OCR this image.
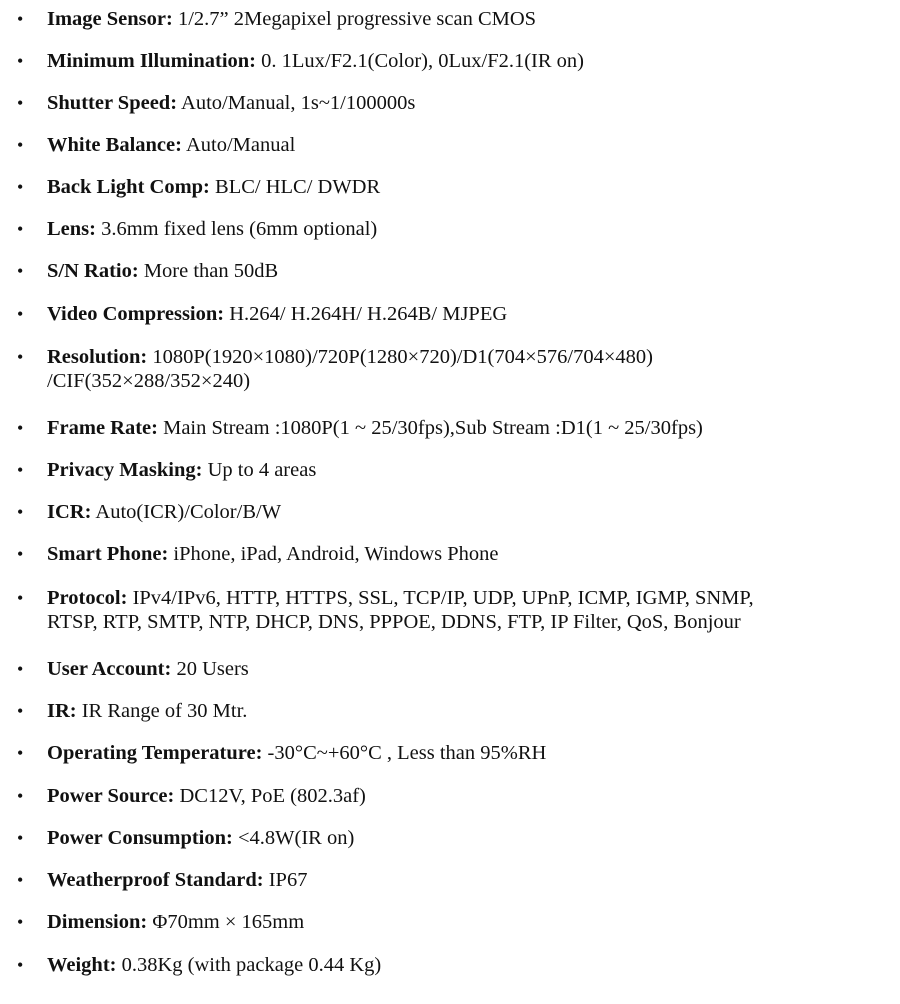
• Image Sensor: 1/2.7” 2Megapixel progressive scan CMOS
• Minimum Illumination: 0. 1Lux/F2.1(Color), 0Lux/F2.1(IR on)
• Shutter Speed: Auto/Manual, 1s~1/100000s
• White Balance: Auto/Manual
• Back Light Comp: BLC/ HLC/ DWDR
• Lens: 3.6mm fixed lens (6mm optional)
• S/N Ratio: More than 50dB
• Video Compression: H.264/ H.264H/ H.264B/ MJPEG
• Resolution: 1080P(1920×1080)/720P(1280×720)/D1(704×576/704×480)
/CIF(352×288/352×240)
• Frame Rate: Main Stream :1080P(1 ~ 25/30fps),Sub Stream :D1(1 ~ 25/30fps)
• Privacy Masking: Up to 4 areas
• ICR: Auto(ICR)/Color/B/W
• Smart Phone: iPhone, iPad, Android, Windows Phone
• Protocol: IPv4/IPv6, HTTP, HTTPS, SSL, TCP/IP, UDP, UPnP, ICMP, IGMP, SNMP,
RTSP, RTP, SMTP, NTP, DHCP, DNS, PPPOE, DDNS, FTP, IP Filter, QoS, Bonjour
• User Account: 20 Users
• IR: IR Range of 30 Mtr.
• Operating Temperature: -30°C~+60°C , Less than 95%RH
• Power Source: DC12V, PoE (802.3af)
• Power Consumption: <4.8W(IR on)
• Weatherproof Standard: IP67
• Dimension: Φ70mm × 165mm
• Weight: 0.38Kg (with package 0.44 Kg)
